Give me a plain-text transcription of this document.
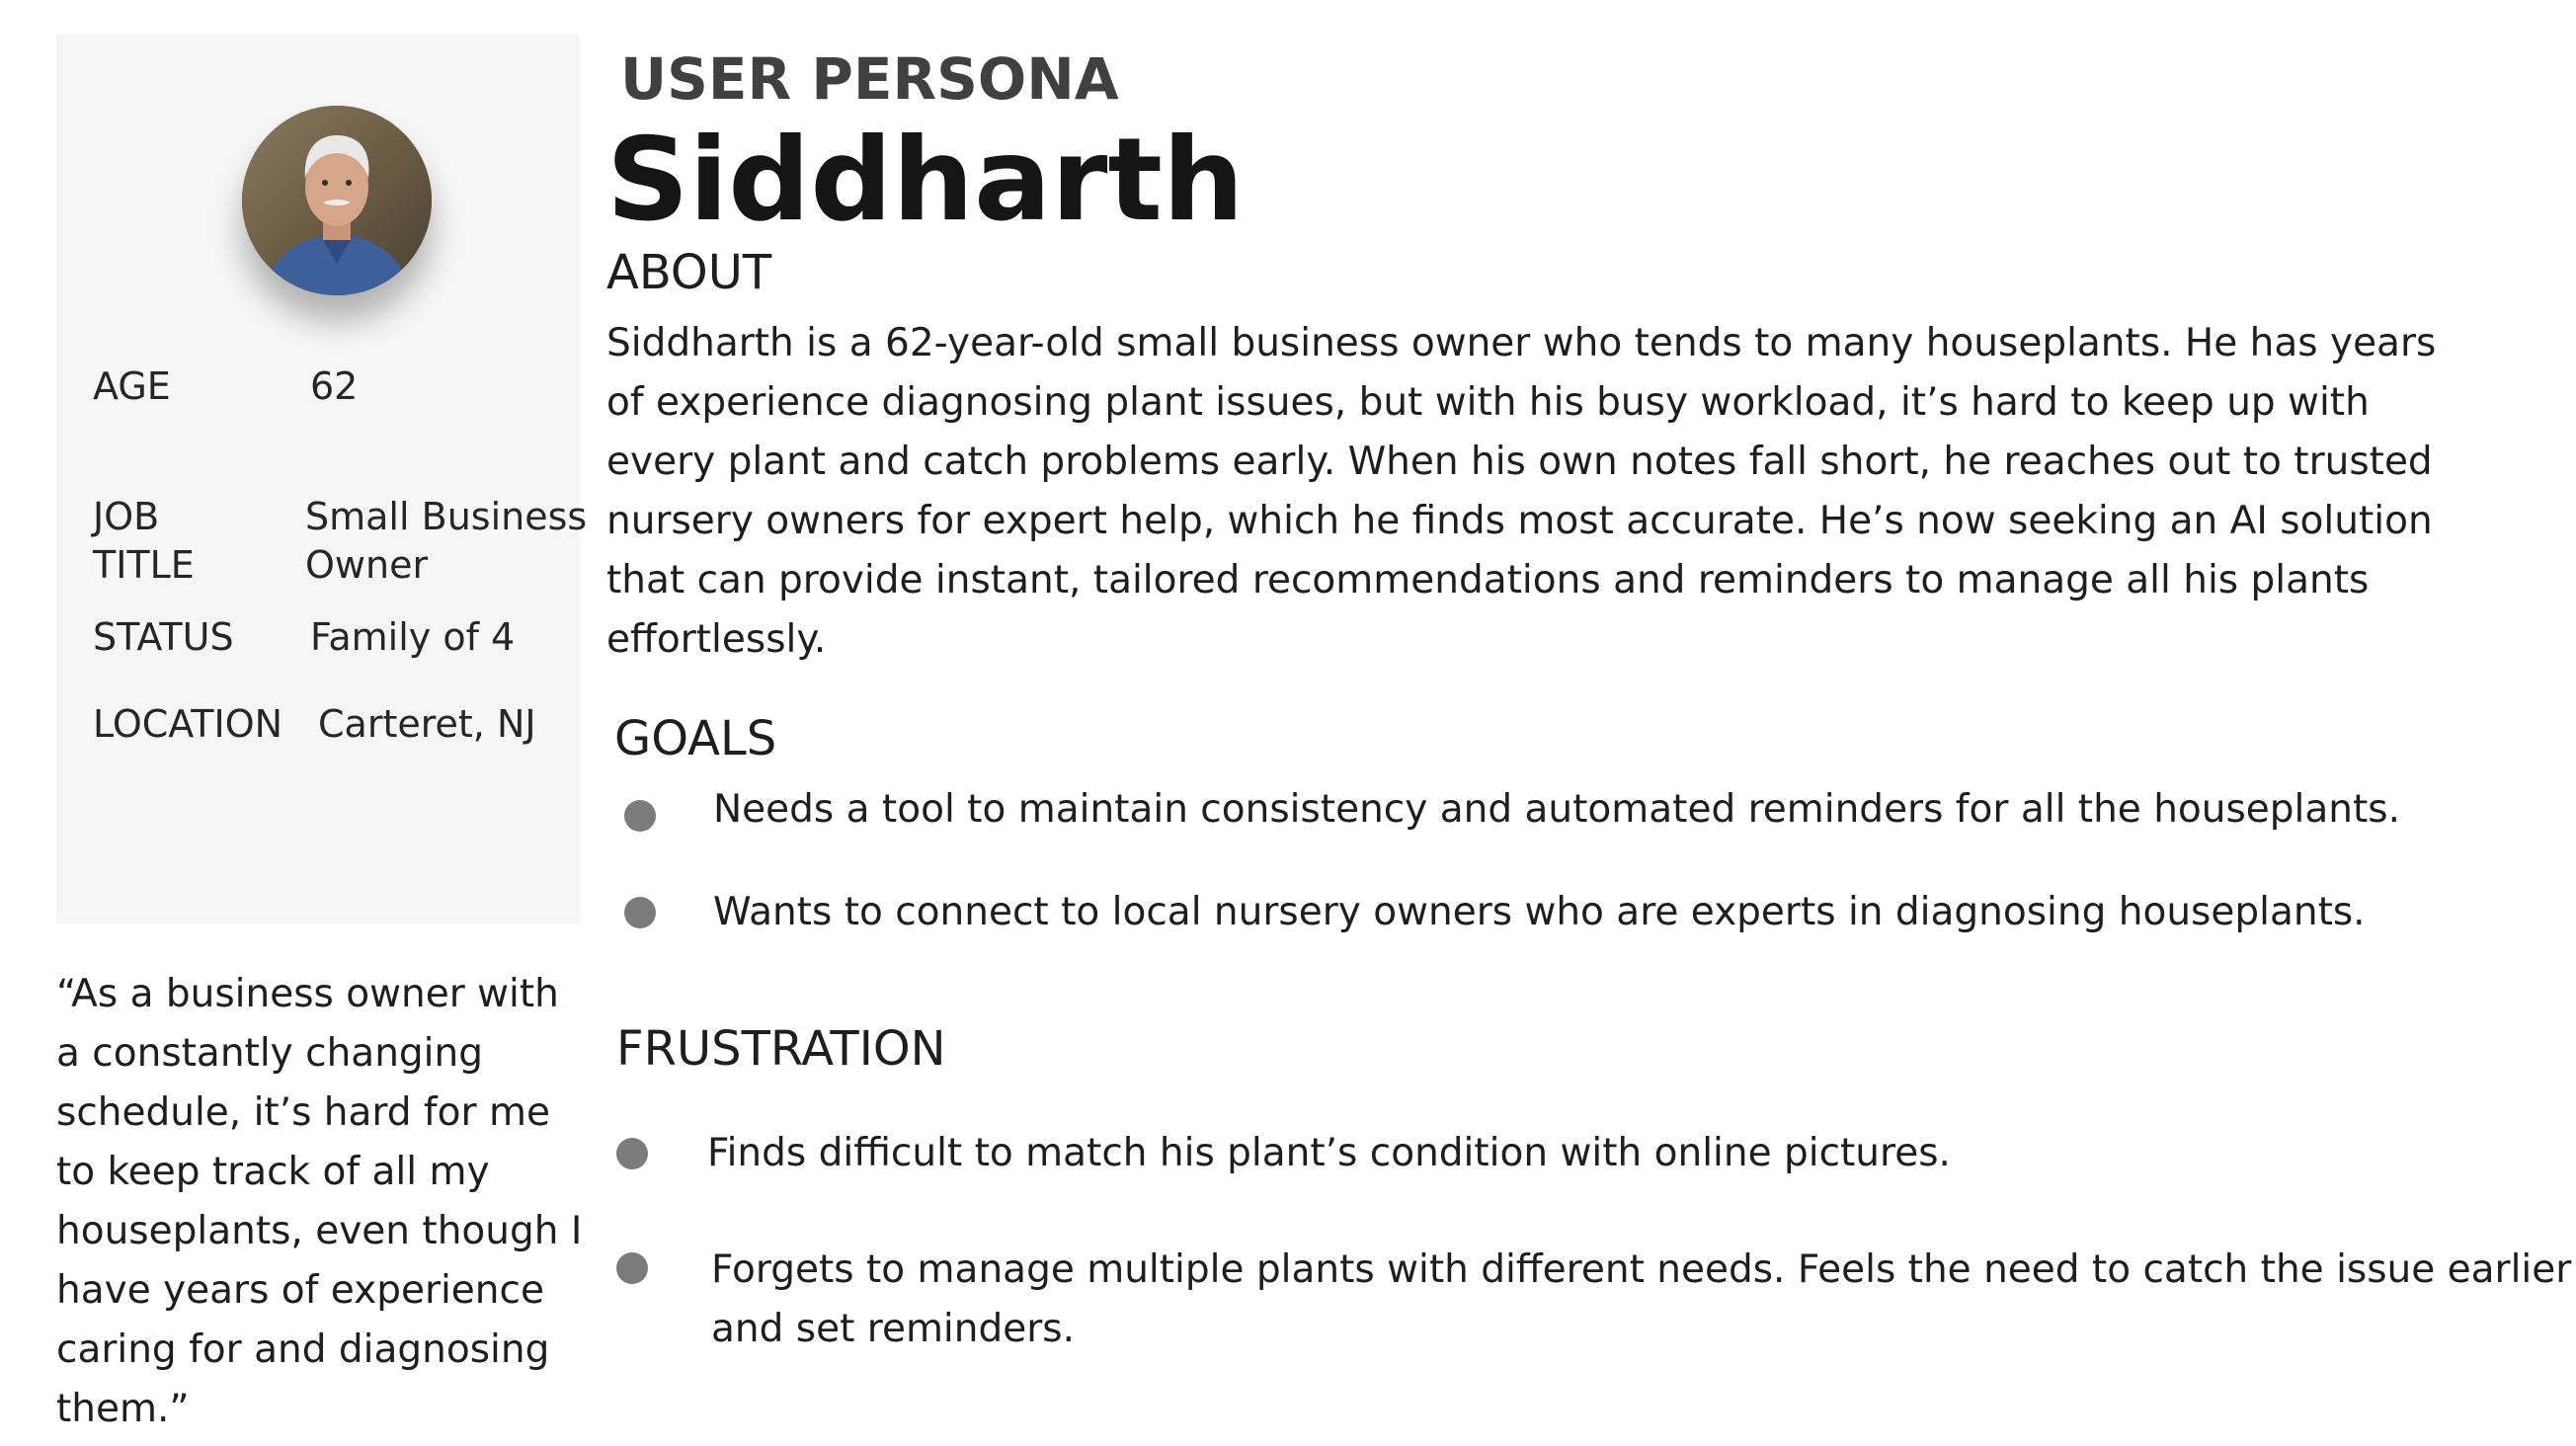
AGE	62
JOB
TITLE
Small Business
Owner
STATUS Family of 4
LOCATION Carteret, NJ
“As a business owner with a constantly changing schedule, it’s hard for me to keep track of all my houseplants, even though I have years of experience caring for and diagnosing them.”
USER PERSONA
Siddharth
ABOUT
Siddharth is a 62-year-old small business owner who tends to many houseplants. He has years of experience diagnosing plant issues, but with his busy workload, it’s hard to keep up with every plant and catch problems early. When his own notes fall short, he reaches out to trusted nursery owners for expert help, which he finds most accurate. He’s now seeking an AI solution that can provide instant, tailored recommendations and reminders to manage all his plants effortlessly.
GOALS
Needs a tool to maintain consistency and automated reminders for all the houseplants.
Wants to connect to local nursery owners who are experts in diagnosing houseplants.
FRUSTRATION
Finds difficult to match his plant’s condition with online pictures.
Forgets to manage multiple plants with different needs. Feels the need to catch the issue earlier and set reminders.
